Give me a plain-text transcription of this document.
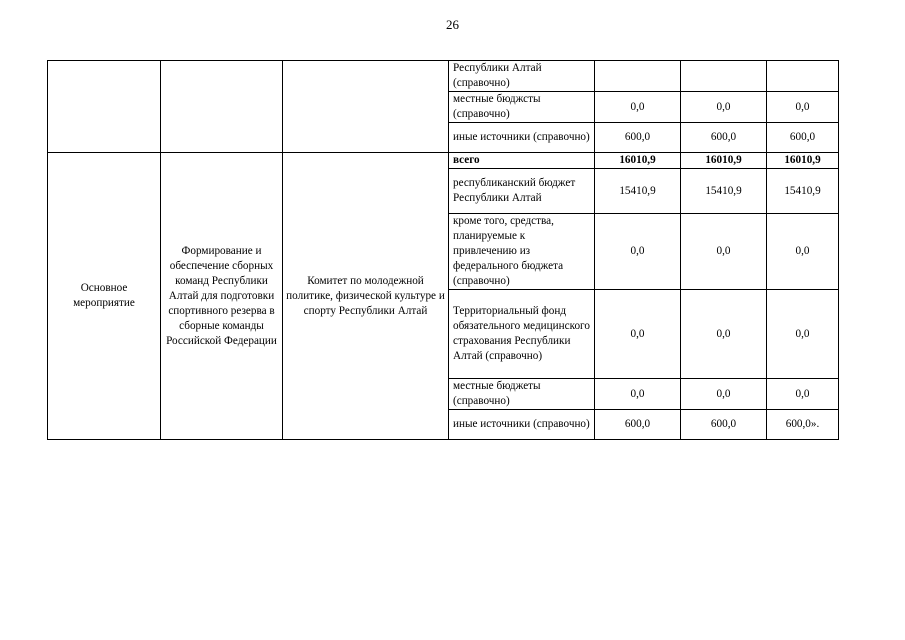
26
			Республики Алтай (справочно)			
			местные бюджсты (справочно)	0,0	0,0	0,0
			иные источники (справочно)	600,0	600,0	600,0
Основное мероприятие	Формирование и обеспечение сборных команд Республики Алтай для подготовки спортивного резерва в сборные команды Российской Федерации	Комитет по молодежной политике, физической культуре и спорту Республики Алтай	всего	16010,9	16010,9	16010,9
			республиканский бюджет Республики Алтай	15410,9	15410,9	15410,9
			кроме того, средства, планируемые к привлечению из федерального бюджета (справочно)	0,0	0,0	0,0
			Территориальный фонд обязательного медицинского страхования Республики Алтай (справочно)	0,0	0,0	0,0
			местные бюджеты (справочно)	0,0	0,0	0,0
			иные источники (справочно)	600,0	600,0	600,0».
